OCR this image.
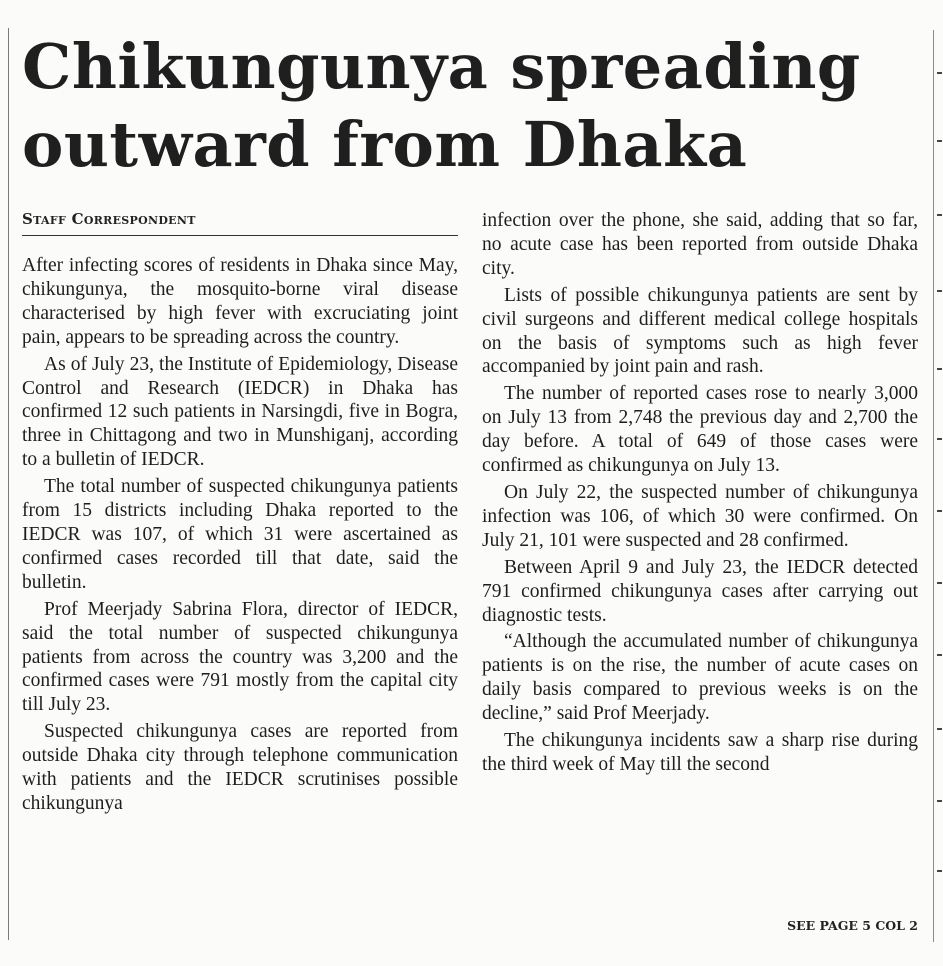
Chikungunya spreading outward from Dhaka
Staff Correspondent

After infecting scores of residents in Dhaka since May, chikungunya, the mosquito-borne viral disease characterised by high fever with excruciating joint pain, appears to be spreading across the country.

As of July 23, the Institute of Epidemiology, Disease Control and Research (IEDCR) in Dhaka has confirmed 12 such patients in Narsingdi, five in Bogra, three in Chittagong and two in Munshiganj, according to a bulletin of IEDCR.

The total number of suspected chikungunya patients from 15 districts including Dhaka reported to the IEDCR was 107, of which 31 were ascertained as confirmed cases recorded till that date, said the bulletin.

Prof Meerjady Sabrina Flora, director of IEDCR, said the total number of suspected chikungunya patients from across the country was 3,200 and the confirmed cases were 791 mostly from the capital city till July 23.

Suspected chikungunya cases are reported from outside Dhaka city through telephone communication with patients and the IEDCR scrutinises possible chikungunya

infection over the phone, she said, adding that so far, no acute case has been reported from outside Dhaka city.

Lists of possible chikungunya patients are sent by civil surgeons and different medical college hospitals on the basis of symptoms such as high fever accompanied by joint pain and rash.

The number of reported cases rose to nearly 3,000 on July 13 from 2,748 the previous day and 2,700 the day before. A total of 649 of those cases were confirmed as chikungunya on July 13.

On July 22, the suspected number of chikungunya infection was 106, of which 30 were confirmed. On July 21, 101 were suspected and 28 confirmed.

Between April 9 and July 23, the IEDCR detected 791 confirmed chikungunya cases after carrying out diagnostic tests.

“Although the accumulated number of chikungunya patients is on the rise, the number of acute cases on daily basis compared to previous weeks is on the decline,” said Prof Meerjady.

The chikungunya incidents saw a sharp rise during the third week of May till the second

SEE PAGE 5 COL 2
